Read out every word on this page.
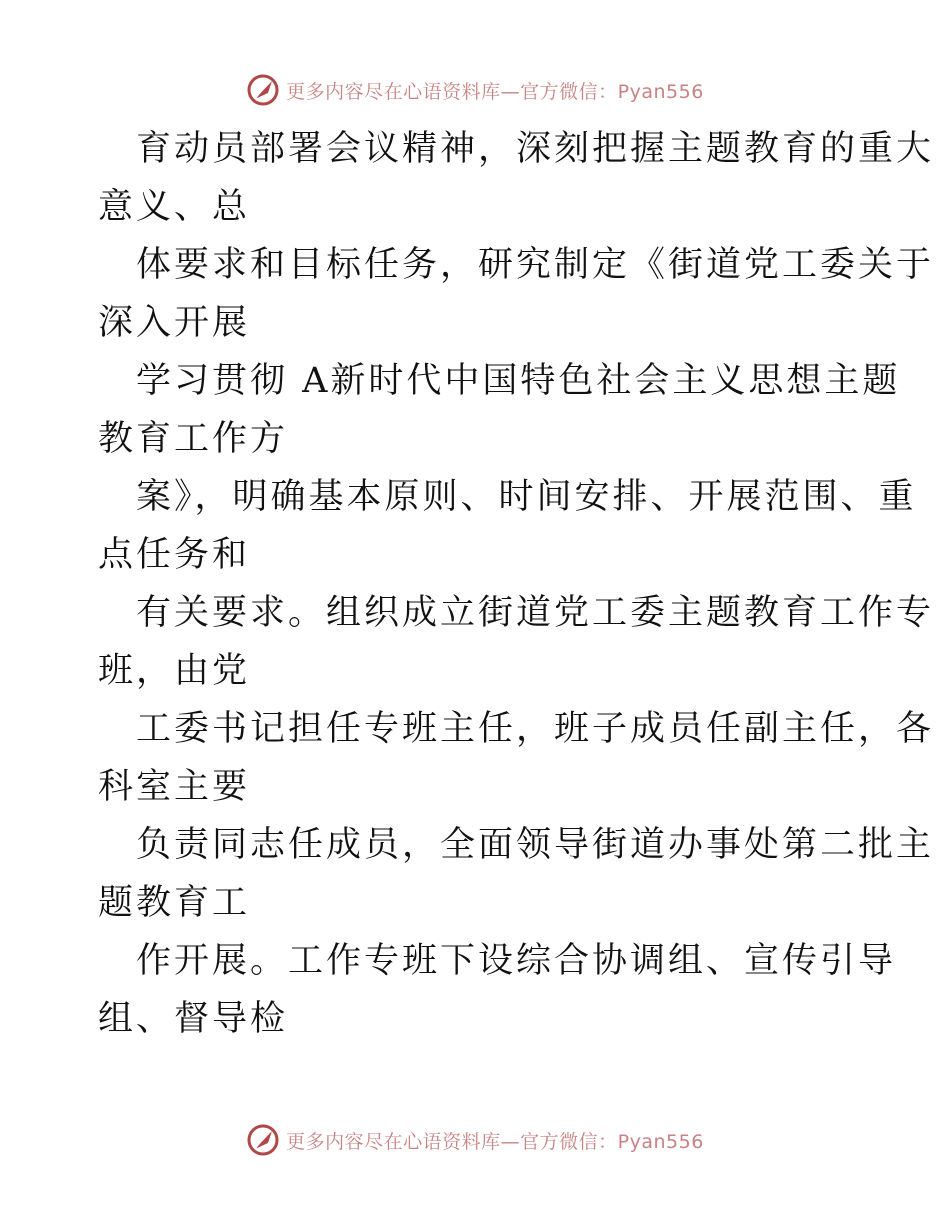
更多内容尽在心语资料库—官方微信：Pyan556

育动员部署会议精神，深刻把握主题教育的重大
意义、总

体要求和目标任务，研究制定《街道党工委关于
深入开展

学习贯彻 A新时代中国特色社会主义思想主题
教育工作方

案》，明确基本原则、时间安排、开展范围、重
点任务和

有关要求。组织成立街道党工委主题教育工作专
班，由党

工委书记担任专班主任，班子成员任副主任，各
科室主要

负责同志任成员，全面领导街道办事处第二批主
题教育工

作开展。工作专班下设综合协调组、宣传引导
组、督导检

更多内容尽在心语资料库—官方微信：Pyan556
